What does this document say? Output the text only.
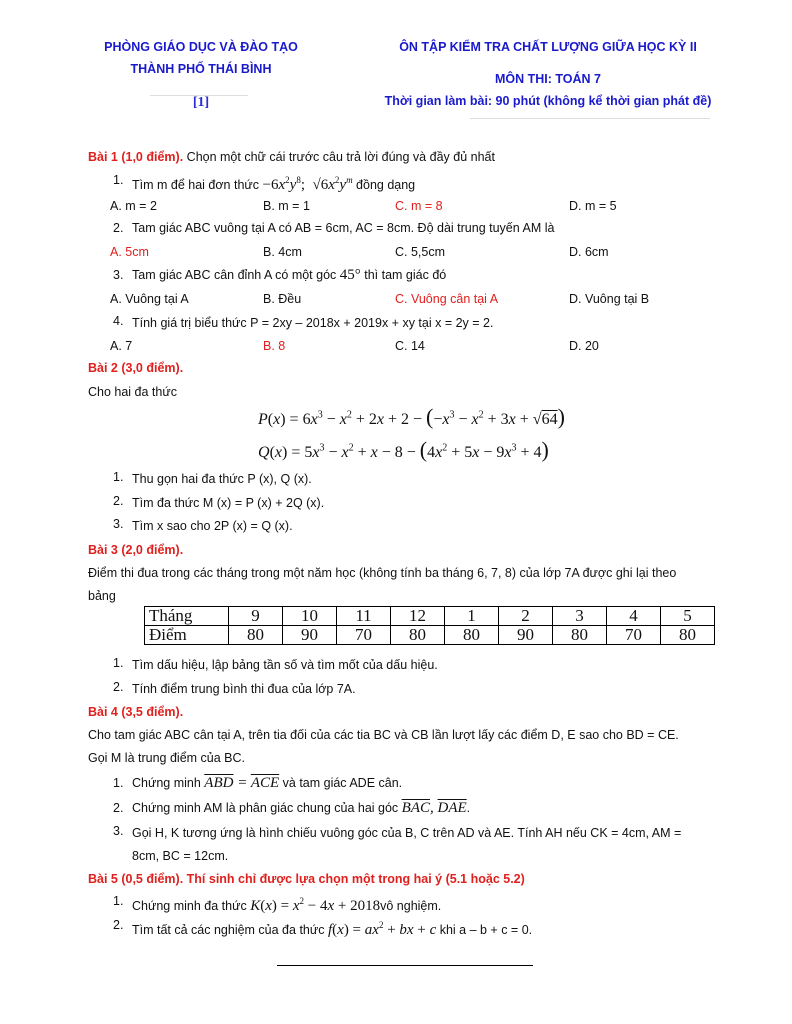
PHÒNG GIÁO DỤC VÀ ĐÀO TẠO
THÀNH PHỐ THÁI BÌNH
[1]
ÔN TẬP KIỂM TRA CHẤT LƯỢNG GIỮA HỌC KỲ II
MÔN THI: TOÁN 7
Thời gian làm bài: 90 phút (không kể thời gian phát đề)
Bài 1 (1,0 điểm). Chọn một chữ cái trước câu trả lời đúng và đầy đủ nhất
1. Tìm m để hai đơn thức $-6x^2y^8$;  $√6x^2y^m$ đồng dạng
A. m = 2	B. m = 1	C. m = 8	D. m = 5
2. Tam giác ABC vuông tại A có AB = 6cm, AC = 8cm. Độ dài trung tuyến AM là
A. 5cm	B. 4cm	C. 5,5cm	D. 6cm
3. Tam giác ABC cân đỉnh A có một góc 45° thì tam giác đó
A. Vuông tại A	B. Đều	C. Vuông cân tại A	D. Vuông tại B
4. Tính giá trị biểu thức P = 2xy – 2018x + 2019x + xy tại x = 2y = 2.
A. 7	B. 8	C. 14	D. 20
Bài 2 (3,0 điểm).
Cho hai đa thức
$P(x) = 6x^3 - x^2 + 2x + 2 - (-x^3 - x^2 + 3x + √64)$
$Q(x) = 5x^3 - x^2 + x - 8 - (4x^2 + 5x - 9x^3 + 4)$
1. Thu gọn hai đa thức P (x), Q (x).
2. Tìm đa thức M (x) = P (x) + 2Q (x).
3. Tìm x sao cho 2P (x) = Q (x).
Bài 3 (2,0 điểm).
Điểm thi đua trong các tháng trong một năm học (không tính ba tháng 6, 7, 8) của lớp 7A được ghi lại theo
bảng
Tháng	9	10	11	12	1	2	3	4	5
Điểm	80	90	70	80	80	90	80	70	80
1. Tìm dấu hiệu, lập bảng tần số và tìm mốt của dấu hiệu.
2. Tính điểm trung bình thi đua của lớp 7A.
Bài 4 (3,5 điểm).
Cho tam giác ABC cân tại A, trên tia đối của các tia BC và CB lần lượt lấy các điểm D, E sao cho BD = CE.
Gọi M là trung điểm của BC.
1. Chứng minh $\overline{ABD} = \overline{ACE}$ và tam giác ADE cân.
2. Chứng minh AM là phân giác chung của hai góc $\overline{BAC}$, $\overline{DAE}$.
3. Gọi H, K tương ứng là hình chiếu vuông góc của B, C trên AD và AE. Tính AH nếu CK = 4cm, AM =
8cm, BC = 12cm.
Bài 5 (0,5 điểm). Thí sinh chỉ được lựa chọn một trong hai ý (5.1 hoặc 5.2)
1. Chứng minh đa thức $K(x) = x^2 - 4x$ + 2018vô nghiệm.
2. Tìm tất cả các nghiệm của đa thức $f(x) = ax^2$ + bx + c khi a – b + c = 0.
